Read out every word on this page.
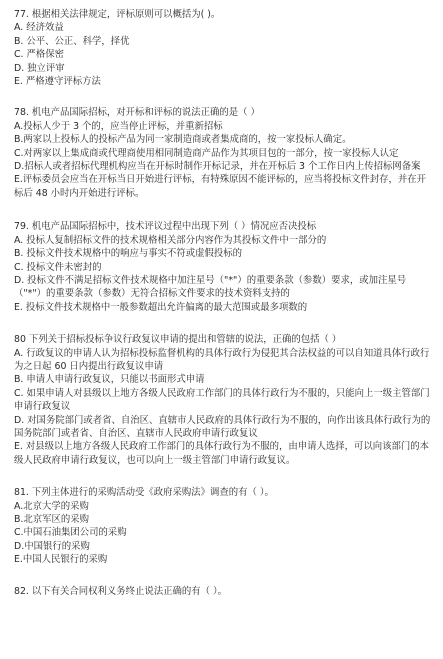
77. 根据相关法律规定，评标原则可以概括为( )。

A. 经济效益

B. 公平、公正、科学，择优

C. 严格保密

D. 独立评审

E. 严格遵守评标方法

78. 机电产品国际招标，对开标和评标的说法正确的是（ ）

A.投标人少于 3 个的，应当停止评标，并重新招标

B.两家以上投标人的投标产品为同一家制造商或者集成商的，按一家投标人确定。

C.对两家以上集成商或代理商使用相同制造商产品作为其项目包的一部分，按一家投标人认定

D.招标人或者招标代理机构应当在开标时制作开标记录，并在开标后 3 个工作日内上传招标网备案

E.评标委员会应当在开标当日开始进行评标，有特殊原因不能评标的，应当将投标文件封存，并在开标后 48 小时内开始进行评标。

79. 机电产品国际招标中，技术评议过程中出现下列（ ）情况应否决投标

A. 投标人复制招标文件的技术规格相关部分内容作为其投标文件中一部分的

B. 投标文件技术规格中的响应与事实不符或虚假投标的

C. 投标文件未密封的

D. 投标文件不满足招标文件技术规格中加注星号（"*"）的重要条款（参数）要求，或加注星号（"*"）的重要条款（参数）无符合招标文件要求的技术资料支持的

E. 投标文件技术规格中一般参数超出允许偏离的最大范围或最多项数的

80 下列关于招标投标争议行政复议申请的提出和管辖的说法，正确的包括（ ）

A. 行政复议的申请人认为招标投标监督机构的具体行政行为侵犯其合法权益的可以自知道具体行政行为之日起 60 日内提出行政复议申请

B. 申请人申请行政复议，只能以书面形式申请

C. 如果申请人对县级以上地方各级人民政府工作部门的具体行政行为不服的，只能向上一级主管部门申请行政复议

D. 对国务院部门或者省、自治区、直辖市人民政府的具体行政行为不服的，向作出该具体行政行为的国务院部门或者省、自治区、直辖市人民政府申请行政复议

E. 对县级以上地方各级人民政府工作部门的具体行政行为不服的，由申请人选择，可以向该部门的本级人民政府申请行政复议，也可以向上一级主管部门申请行政复议。

81. 下列主体进行的采购活动受《政府采购法》调查的有（ ）。

A.北京大学的采购

B.北京军区的采购

C.中国石油集团公司的采购

D.中国银行的采购

E.中国人民银行的采购

82. 以下有关合同权利义务终止说法正确的有（ ）。
